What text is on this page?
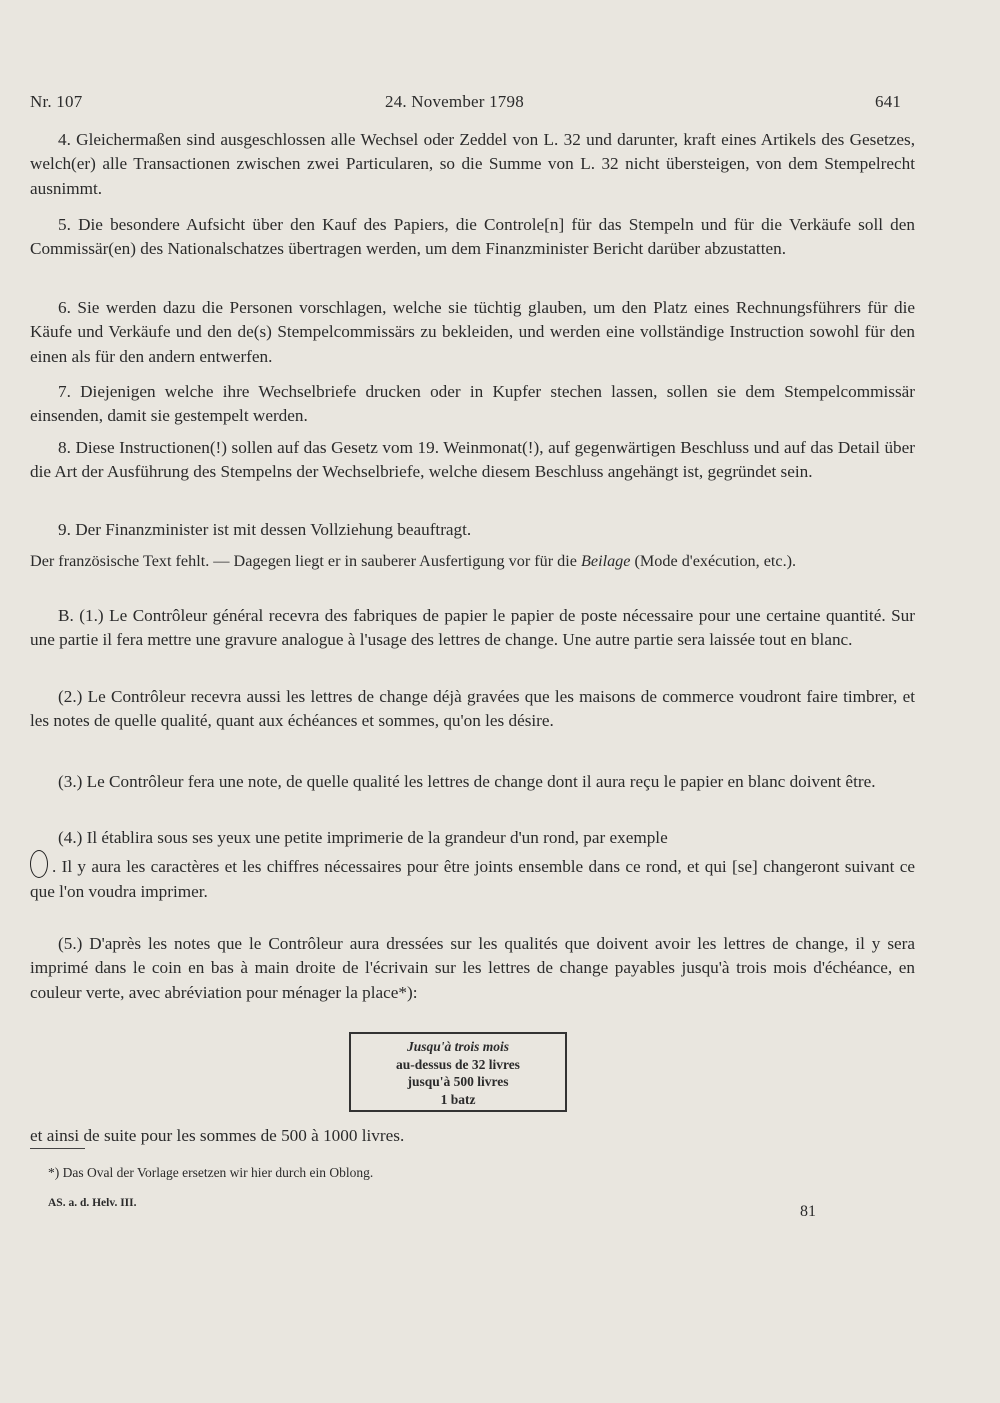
Nr. 107	24. November 1798	641
4. Gleichermaßen sind ausgeschlossen alle Wechsel oder Zeddel von L. 32 und darunter, kraft eines Artikels des Gesetzes, welch(er) alle Transactionen zwischen zwei Particularen, so die Summe von L. 32 nicht übersteigen, von dem Stempelrecht ausnimmt.
5. Die besondere Aufsicht über den Kauf des Papiers, die Controle[n] für das Stempeln und für die Verkäufe soll den Commissär(en) des Nationalschatzes übertragen werden, um dem Finanzminister Bericht darüber abzustatten.
6. Sie werden dazu die Personen vorschlagen, welche sie tüchtig glauben, um den Platz eines Rechnungsführers für die Käufe und Verkäufe und den de(s) Stempelcommissärs zu bekleiden, und werden eine vollständige Instruction sowohl für den einen als für den andern entwerfen.
7. Diejenigen welche ihre Wechselbriefe drucken oder in Kupfer stechen lassen, sollen sie dem Stempelcommissär einsenden, damit sie gestempelt werden.
8. Diese Instructionen(!) sollen auf das Gesetz vom 19. Weinmonat(!), auf gegenwärtigen Beschluss und auf das Detail über die Art der Ausführung des Stempelns der Wechselbriefe, welche diesem Beschluss angehängt ist, gegründet sein.
9. Der Finanzminister ist mit dessen Vollziehung beauftragt.
Der französische Text fehlt. — Dagegen liegt er in sauberer Ausfertigung vor für die Beilage (Mode d'exécution, etc.).
B. (1.) Le Contrôleur général recevra des fabriques de papier le papier de poste nécessaire pour une certaine quantité. Sur une partie il fera mettre une gravure analogue à l'usage des lettres de change. Une autre partie sera laissée tout en blanc.
(2.) Le Contrôleur recevra aussi les lettres de change déjà gravées que les maisons de commerce voudront faire timbrer, et les notes de quelle qualité, quant aux échéances et sommes, qu'on les désire.
(3.) Le Contrôleur fera une note, de quelle qualité les lettres de change dont il aura reçu le papier en blanc doivent être.
(4.) Il établira sous ses yeux une petite imprimerie de la grandeur d'un rond, par exemple
. Il y aura les caractères et les chiffres nécessaires pour être joints ensemble dans ce rond, et qui [se] changeront suivant ce que l'on voudra imprimer.
(5.) D'après les notes que le Contrôleur aura dressées sur les qualités que doivent avoir les lettres de change, il y sera imprimé dans le coin en bas à main droite de l'écrivain sur les lettres de change payables jusqu'à trois mois d'échéance, en couleur verte, avec abréviation pour ménager la place*):
Jusqu'à trois mois
au-dessus de 32 livres
jusqu'à 500 livres
1 batz
et ainsi de suite pour les sommes de 500 à 1000 livres.
*) Das Oval der Vorlage ersetzen wir hier durch ein Oblong.
AS. a. d. Helv. III.	81
